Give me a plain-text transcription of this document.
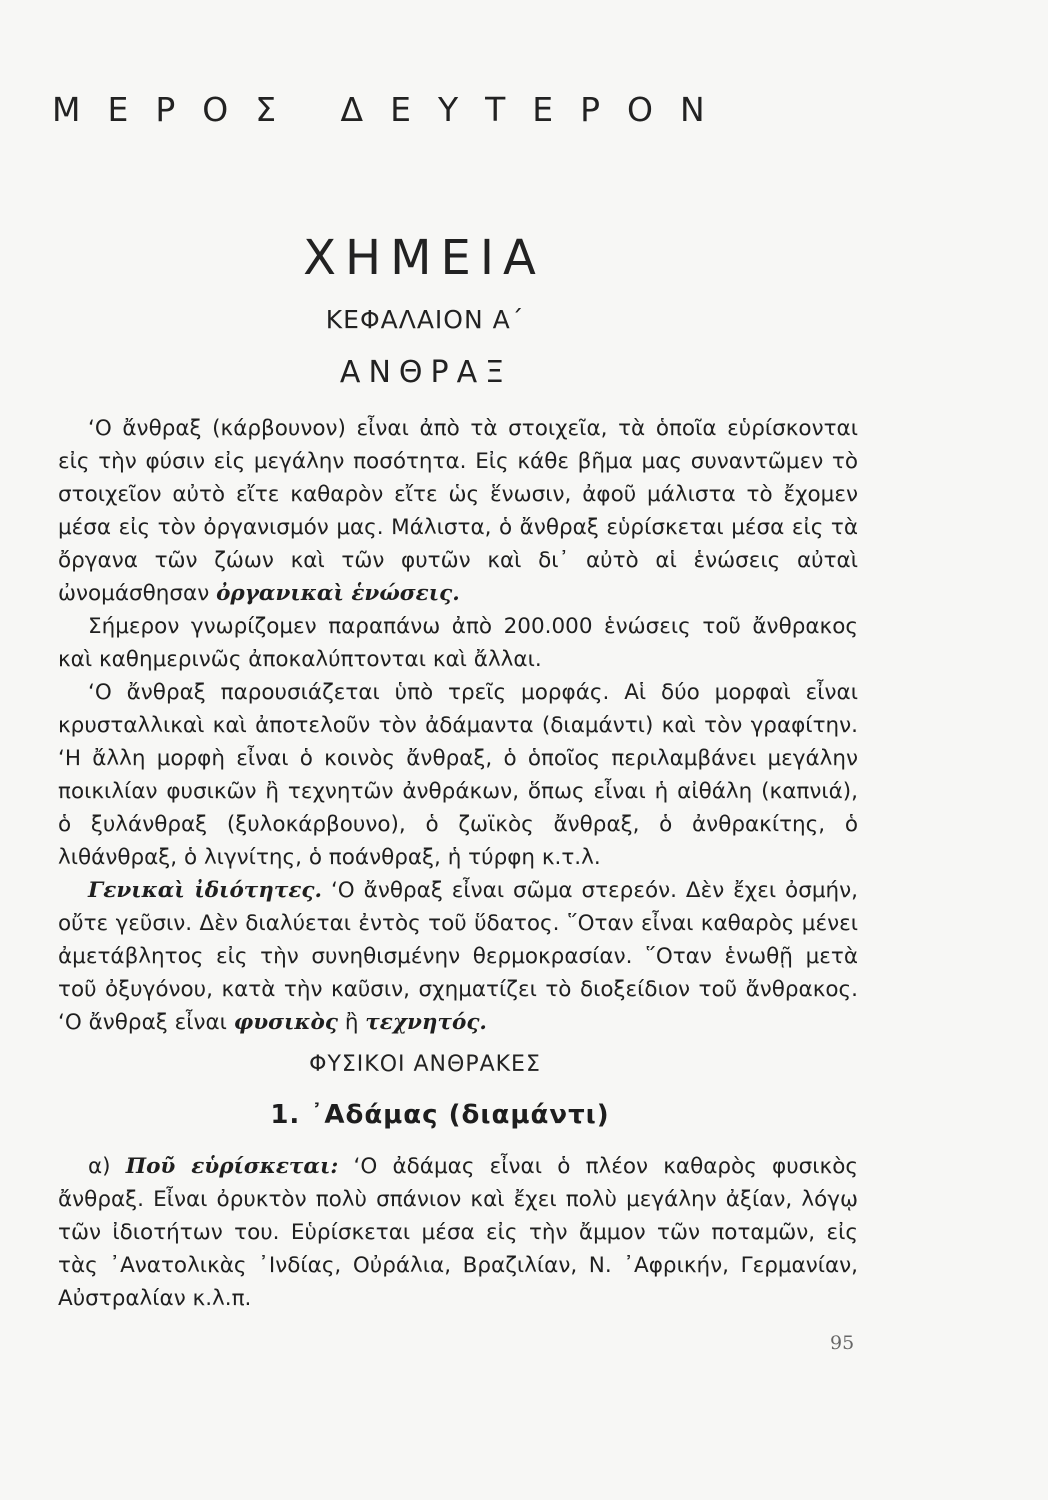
ΜΕΡΟΣ ΔΕΥΤΕΡΟΝ
ΧΗΜΕΙΑ
ΚΕΦΑΛΑΙΟΝ Α΄
ΑΝΘΡΑΞ

‘Ο ἄνθραξ (κάρβουνον) εἶναι ἀπὸ τὰ στοιχεῖα, τὰ ὁποῖα εὑρίσκονται εἰς τὴν φύσιν εἰς μεγάλην ποσότητα. Εἰς κάθε βῆμα μας συναντῶμεν τὸ στοιχεῖον αὐτὸ εἴτε καθαρὸν εἴτε ὡς ἕνωσιν, ἀφοῦ μάλιστα τὸ ἔχομεν μέσα εἰς τὸν ὀργανισμόν μας. Μάλιστα, ὁ ἄνθραξ εὑρίσκεται μέσα εἰς τὰ ὄργανα τῶν ζώων καὶ τῶν φυτῶν καὶ δι᾽ αὐτὸ αἱ ἑνώσεις αὐταὶ ὠνομάσθησαν ὀργανικαὶ ἑνώσεις.

Σήμερον γνωρίζομεν παραπάνω ἀπὸ 200.000 ἑνώσεις τοῦ ἄνθρακος καὶ καθημερινῶς ἀποκαλύπτονται καὶ ἄλλαι.

‘Ο ἄνθραξ παρουσιάζεται ὑπὸ τρεῖς μορφάς. Αἱ δύο μορφαὶ εἶναι κρυσταλλικαὶ καὶ ἀποτελοῦν τὸν ἀδάμαντα (διαμάντι) καὶ τὸν γραφίτην. ‘Η ἄλλη μορφὴ εἶναι ὁ κοινὸς ἄνθραξ, ὁ ὁποῖος περιλαμβάνει μεγάλην ποικιλίαν φυσικῶν ἢ τεχνητῶν ἀνθράκων, ὅπως εἶναι ἡ αἰθάλη (καπνιά), ὁ ξυλάνθραξ (ξυλοκάρβουνο), ὁ ζωϊκὸς ἄνθραξ, ὁ ἀνθρακίτης, ὁ λιθάνθραξ, ὁ λιγνίτης, ὁ ποάνθραξ, ἡ τύρφη κ.τ.λ.

Γενικαὶ ἰδιότητες. ‘Ο ἄνθραξ εἶναι σῶμα στερεόν. Δὲν ἔχει ὀσμήν, οὔτε γεῦσιν. Δὲν διαλύεται ἐντὸς τοῦ ὕδατος. ῞Οταν εἶναι καθαρὸς μένει ἀμετάβλητος εἰς τὴν συνηθισμένην θερμοκρασίαν. ῞Οταν ἑνωθῇ μετὰ τοῦ ὀξυγόνου, κατὰ τὴν καῦσιν, σχηματίζει τὸ διοξείδιον τοῦ ἄνθρακος. ‘Ο ἄνθραξ εἶναι φυσικὸς ἢ τεχνητός.

ΦΥΣΙΚΟΙ ΑΝΘΡΑΚΕΣ
1. ᾿Αδάμας (διαμάντι)

α) Ποῦ εὑρίσκεται: ‘Ο ἀδάμας εἶναι ὁ πλέον καθαρὸς φυσικὸς ἄνθραξ. Εἶναι ὀρυκτὸν πολὺ σπάνιον καὶ ἔχει πολὺ μεγάλην ἀξίαν, λόγῳ τῶν ἰδιοτήτων του. Εὑρίσκεται μέσα εἰς τὴν ἄμμον τῶν ποταμῶν, εἰς τὰς ᾿Ανατολικὰς ᾿Ινδίας, Οὐράλια, Βραζιλίαν, Ν. ᾿Αφρικήν, Γερμανίαν, Αὐστραλίαν κ.λ.π.

95
